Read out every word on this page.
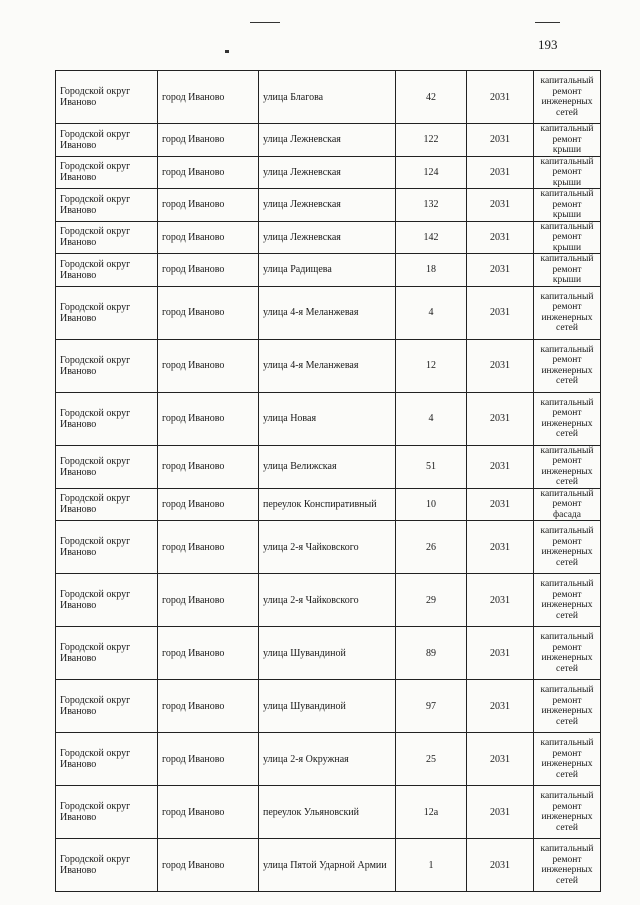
193
Городской округ Иваново	город Иваново	улица Благова	42	2031	капитальный ремонт инженерных сетей
Городской округ Иваново	город Иваново	улица Лежневская	122	2031	капитальный ремонт крыши
Городской округ Иваново	город Иваново	улица Лежневская	124	2031	капитальный ремонт крыши
Городской округ Иваново	город Иваново	улица Лежневская	132	2031	капитальный ремонт крыши
Городской округ Иваново	город Иваново	улица Лежневская	142	2031	капитальный ремонт крыши
Городской округ Иваново	город Иваново	улица Радищева	18	2031	капитальный ремонт крыши
Городской округ Иваново	город Иваново	улица 4-я Меланжевая	4	2031	капитальный ремонт инженерных сетей
Городской округ Иваново	город Иваново	улица 4-я Меланжевая	12	2031	капитальный ремонт инженерных сетей
Городской округ Иваново	город Иваново	улица Новая	4	2031	капитальный ремонт инженерных сетей
Городской округ Иваново	город Иваново	улица Велижская	51	2031	капитальный ремонт инженерных сетей
Городской округ Иваново	город Иваново	переулок Конспиративный	10	2031	капитальный ремонт фасада
Городской округ Иваново	город Иваново	улица 2-я Чайковского	26	2031	капитальный ремонт инженерных сетей
Городской округ Иваново	город Иваново	улица 2-я Чайковского	29	2031	капитальный ремонт инженерных сетей
Городской округ Иваново	город Иваново	улица Шувандиной	89	2031	капитальный ремонт инженерных сетей
Городской округ Иваново	город Иваново	улица Шувандиной	97	2031	капитальный ремонт инженерных сетей
Городской округ Иваново	город Иваново	улица 2-я Окружная	25	2031	капитальный ремонт инженерных сетей
Городской округ Иваново	город Иваново	переулок Ульяновский	12а	2031	капитальный ремонт инженерных сетей
Городской округ Иваново	город Иваново	улица Пятой Ударной Армии	1	2031	капитальный ремонт инженерных сетей
